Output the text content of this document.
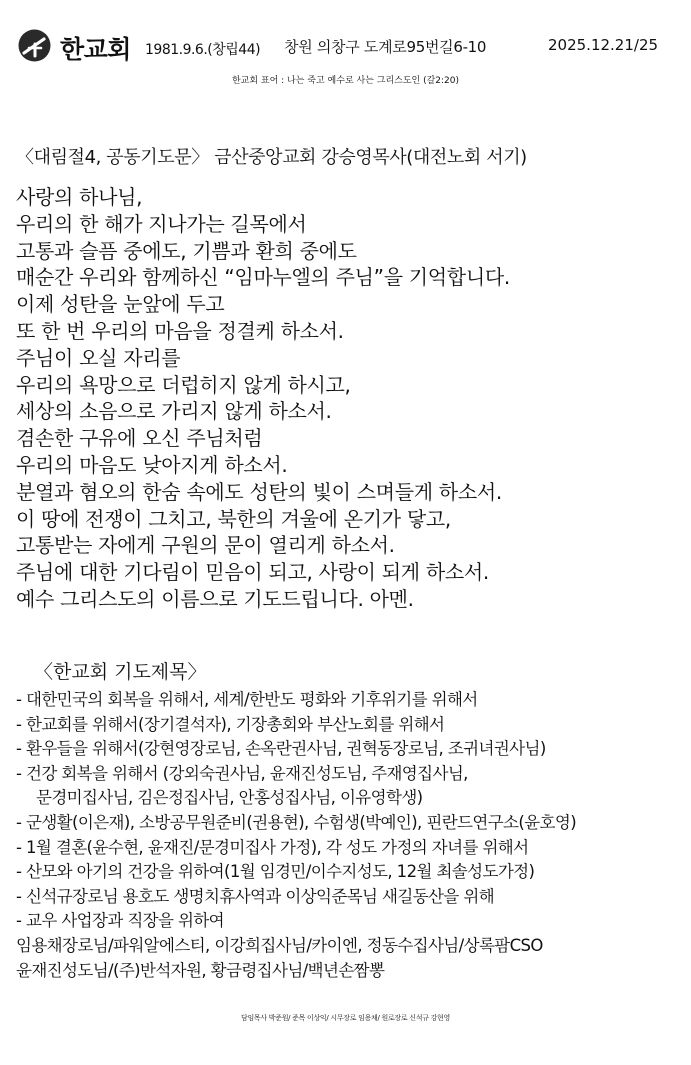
한교회 1981.9.6.(창립44) 창원 의창구 도계로95번길6-10	2025.12.21/25
한교회 표어 : 나는 죽고 예수로 사는 그리스도인 (갈2:20)
〈대림절4, 공동기도문〉 금산중앙교회 강승영목사(대전노회 서기)
사랑의 하나님,
우리의 한 해가 지나가는 길목에서
고통과 슬픔 중에도, 기쁨과 환희 중에도
매순간 우리와 함께하신 “임마누엘의 주님”을 기억합니다.
이제 성탄을 눈앞에 두고
또 한 번 우리의 마음을 정결케 하소서.
주님이 오실 자리를
우리의 욕망으로 더럽히지 않게 하시고,
세상의 소음으로 가리지 않게 하소서.
겸손한 구유에 오신 주님처럼
우리의 마음도 낮아지게 하소서.
분열과 혐오의 한숨 속에도 성탄의 빛이 스며들게 하소서.
이 땅에 전쟁이 그치고, 북한의 겨울에 온기가 닿고,
고통받는 자에게 구원의 문이 열리게 하소서.
주님에 대한 기다림이 믿음이 되고, 사랑이 되게 하소서.
예수 그리스도의 이름으로 기도드립니다. 아멘.
〈한교회 기도제목〉
- 대한민국의 회복을 위해서, 세계/한반도 평화와 기후위기를 위해서
- 한교회를 위해서(장기결석자), 기장총회와 부산노회를 위해서
- 환우들을 위해서(강현영장로님, 손옥란권사님, 권혁동장로님, 조귀녀권사님)
- 건강 회복을 위해서 (강외숙권사님, 윤재진성도님, 주재영집사님,
문경미집사님, 김은정집사님, 안홍성집사님, 이유영학생)
- 군생활(이은재), 소방공무원준비(권용현), 수험생(박예인), 핀란드연구소(윤호영)
- 1월 결혼(윤수현, 윤재진/문경미집사 가정), 각 성도 가정의 자녀를 위해서
- 산모와 아기의 건강을 위하여(1월 임경민/이수지성도, 12월 최솔성도가정)
- 신석규장로님 용호도 생명치휴사역과 이상익준목님 새길동산을 위해
- 교우 사업장과 직장을 위하여
임용채장로님/파워알에스티, 이강희집사님/카이엔, 정동수집사님/상록팜CSO
윤재진성도님/(주)반석자원, 황금령집사님/백년손짬뽕
담임목사 박준원/ 준목 이상익/ 시무장로 임용채/ 원로장로 신석규 강현영
